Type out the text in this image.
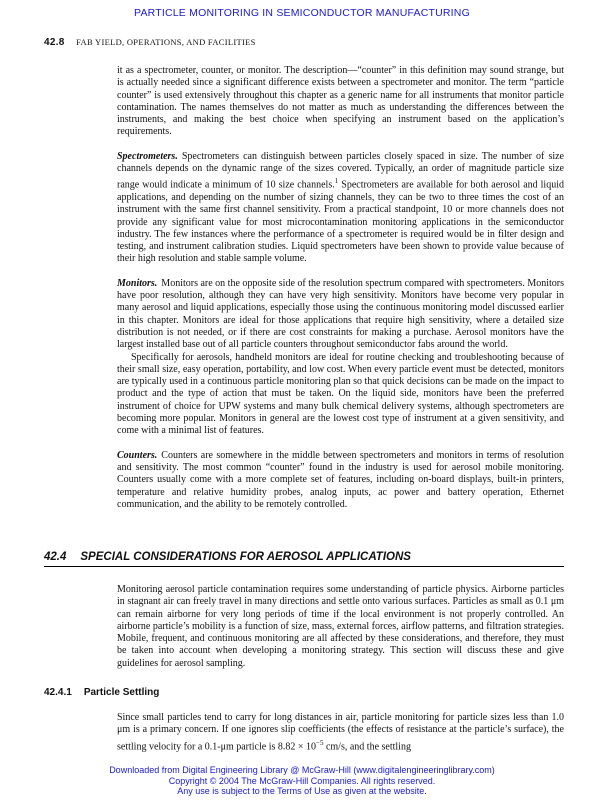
PARTICLE MONITORING IN SEMICONDUCTOR MANUFACTURING
42.8 FAB YIELD, OPERATIONS, AND FACILITIES

it as a spectrometer, counter, or monitor. The description—“counter” in this definition may sound strange, but is actually needed since a significant difference exists between a spectrometer and monitor. The term “particle counter” is used extensively throughout this chapter as a generic name for all instruments that monitor particle contamination. The names themselves do not matter as much as understanding the differences between the instruments, and making the best choice when specifying an instrument based on the application’s requirements.

Spectrometers. Spectrometers can distinguish between particles closely spaced in size. The number of size channels depends on the dynamic range of the sizes covered. Typically, an order of magnitude particle size range would indicate a minimum of 10 size channels.$^1$ Spectrometers are available for both aerosol and liquid applications, and depending on the number of sizing channels, they can be two to three times the cost of an instrument with the same first channel sensitivity. From a practical standpoint, 10 or more channels does not provide any significant value for most microcontamination monitoring applications in the semiconductor industry. The few instances where the performance of a spectrometer is required would be in filter design and testing, and instrument calibration studies. Liquid spectrometers have been shown to provide value because of their high resolution and stable sample volume.

Monitors. Monitors are on the opposite side of the resolution spectrum compared with spectrometers. Monitors have poor resolution, although they can have very high sensitivity. Monitors have become very popular in many aerosol and liquid applications, especially those using the continuous monitoring model discussed earlier in this chapter. Monitors are ideal for those applications that require high sensitivity, where a detailed size distribution is not needed, or if there are cost constraints for making a purchase. Aerosol monitors have the largest installed base out of all particle counters throughout semiconductor fabs around the world.

Specifically for aerosols, handheld monitors are ideal for routine checking and troubleshooting because of their small size, easy operation, portability, and low cost. When every particle event must be detected, monitors are typically used in a continuous particle monitoring plan so that quick decisions can be made on the impact to product and the type of action that must be taken. On the liquid side, monitors have been the preferred instrument of choice for UPW systems and many bulk chemical delivery systems, although spectrometers are becoming more popular. Monitors in general are the lowest cost type of instrument at a given sensitivity, and come with a minimal list of features.

Counters. Counters are somewhere in the middle between spectrometers and monitors in terms of resolution and sensitivity. The most common “counter” found in the industry is used for aerosol mobile monitoring. Counters usually come with a more complete set of features, including on-board displays, built-in printers, temperature and relative humidity probes, analog inputs, ac power and battery operation, Ethernet communication, and the ability to be remotely controlled.

42.4 SPECIAL CONSIDERATIONS FOR AEROSOL APPLICATIONS

Monitoring aerosol particle contamination requires some understanding of particle physics. Airborne particles in stagnant air can freely travel in many directions and settle onto various surfaces. Particles as small as 0.1 μm can remain airborne for very long periods of time if the local environment is not properly controlled. An airborne particle’s mobility is a function of size, mass, external forces, airflow patterns, and filtration strategies. Mobile, frequent, and continuous monitoring are all affected by these considerations, and therefore, they must be taken into account when developing a monitoring strategy. This section will discuss these and give guidelines for aerosol sampling.

42.4.1 Particle Settling

Since small particles tend to carry for long distances in air, particle monitoring for particle sizes less than 1.0 μm is a primary concern. If one ignores slip coefficients (the effects of resistance at the particle’s surface), the settling velocity for a 0.1-μm particle is $8.82 \times 10^{-5}$ cm/s, and the settling

Downloaded from Digital Engineering Library @ McGraw-Hill (www.digitalengineeringlibrary.com)
Copyright © 2004 The McGraw-Hill Companies. All rights reserved.
Any use is subject to the Terms of Use as given at the website.
